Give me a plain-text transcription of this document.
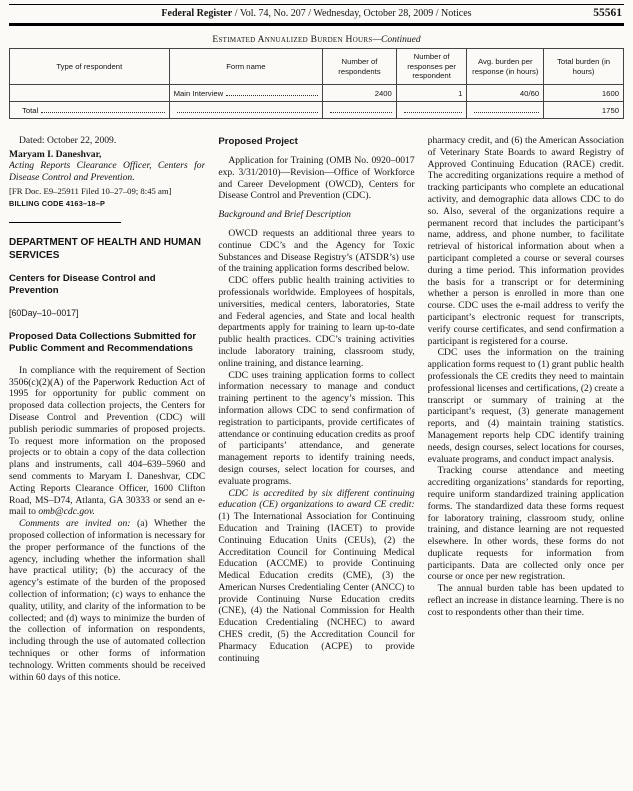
Federal Register / Vol. 74, No. 207 / Wednesday, October 28, 2009 / Notices	55561
Estimated Annualized Burden Hours—Continued
Type of respondent	Form name	Number of respondents	Number of responses per respondent	Avg. burden per response (in hours)	Total burden (in hours)

	Main Interview	2400	1	40/60	1600

Total					1750

Dated: October 22, 2009.

Maryam I. Daneshvar,

Acting Reports Clearance Officer, Centers for Disease Control and Prevention.

[FR Doc. E9–25911 Filed 10–27–09; 8:45 am]

BILLING CODE 4163–18–P

DEPARTMENT OF HEALTH AND HUMAN SERVICES
Centers for Disease Control and Prevention

[60Day–10–0017]

Proposed Data Collections Submitted for Public Comment and Recommendations

In compliance with the requirement of Section 3506(c)(2)(A) of the Paperwork Reduction Act of 1995 for opportunity for public comment on proposed data collection projects, the Centers for Disease Control and Prevention (CDC) will publish periodic summaries of proposed projects. To request more information on the proposed projects or to obtain a copy of the data collection plans and instruments, call 404–639–5960 and send comments to Maryam I. Daneshvar, CDC Acting Reports Clearance Officer, 1600 Clifton Road, MS–D74, Atlanta, GA 30333 or send an e-mail to omb@cdc.gov.

Comments are invited on: (a) Whether the proposed collection of information is necessary for the proper performance of the functions of the agency, including whether the information shall have practical utility; (b) the accuracy of the agency’s estimate of the burden of the proposed collection of information; (c) ways to enhance the quality, utility, and clarity of the information to be collected; and (d) ways to minimize the burden of the collection of information on respondents, including through the use of automated collection techniques or other forms of information technology. Written comments should be received within 60 days of this notice.

Proposed Project

Application for Training (OMB No. 0920–0017 exp. 3/31/2010)—Revision—Office of Workforce and Career Development (OWCD), Centers for Disease Control and Prevention (CDC).

Background and Brief Description

OWCD requests an additional three years to continue CDC’s and the Agency for Toxic Substances and Disease Registry’s (ATSDR’s) use of the training application forms described below.

CDC offers public health training activities to professionals worldwide. Employees of hospitals, universities, medical centers, laboratories, State and Federal agencies, and State and local health departments apply for training to learn up-to-date public health practices. CDC’s training activities include laboratory training, classroom study, online training, and distance learning.

CDC uses training application forms to collect information necessary to manage and conduct training pertinent to the agency’s mission. This information allows CDC to send confirmation of registration to participants, provide certificates of attendance or continuing education credits as proof of participants’ attendance, and generate management reports to identify training needs, design courses, select location for courses, and evaluate programs.

CDC is accredited by six different continuing education (CE) organizations to award CE credit: (1) The International Association for Continuing Education and Training (IACET) to provide Continuing Education Units (CEUs), (2) the Accreditation Council for Continuing Medical Education (ACCME) to provide Continuing Medical Education credits (CME), (3) the American Nurses Credentialing Center (ANCC) to provide Continuing Nurse Education credits (CNE), (4) the National Commission for Health Education Credentialing (NCHEC) to award CHES credit, (5) the Accreditation Council for Pharmacy Education (ACPE) to provide continuing

pharmacy credit, and (6) the American Association of Veterinary State Boards to award Registry of Approved Continuing Education (RACE) credit. The accrediting organizations require a method of tracking participants who complete an educational activity, and demographic data allows CDC to do so. Also, several of the organizations require a permanent record that includes the participant’s name, address, and phone number, to facilitate retrieval of historical information about when a participant completed a course or several courses during a time period. This information provides the basis for a transcript or for determining whether a person is enrolled in more than one course. CDC uses the e-mail address to verify the participant’s electronic request for transcripts, verify course certificates, and send confirmation a participant is registered for a course.

CDC uses the information on the training application forms request to (1) grant public health professionals the CE credits they need to maintain professional licenses and certifications, (2) create a transcript or summary of training at the participant’s request, (3) generate management reports, and (4) maintain training statistics. Management reports help CDC identify training needs, design courses, select locations for courses, evaluate programs, and conduct impact analysis.

Tracking course attendance and meeting accrediting organizations’ standards for reporting, require uniform standardized training application forms. The standardized data these forms request for laboratory training, classroom study, online training, and distance learning are not requested elsewhere. In other words, these forms do not duplicate requests for information from participants. Data are collected only once per course or once per new registration.

The annual burden table has been updated to reflect an increase in distance learning. There is no cost to respondents other than their time.
